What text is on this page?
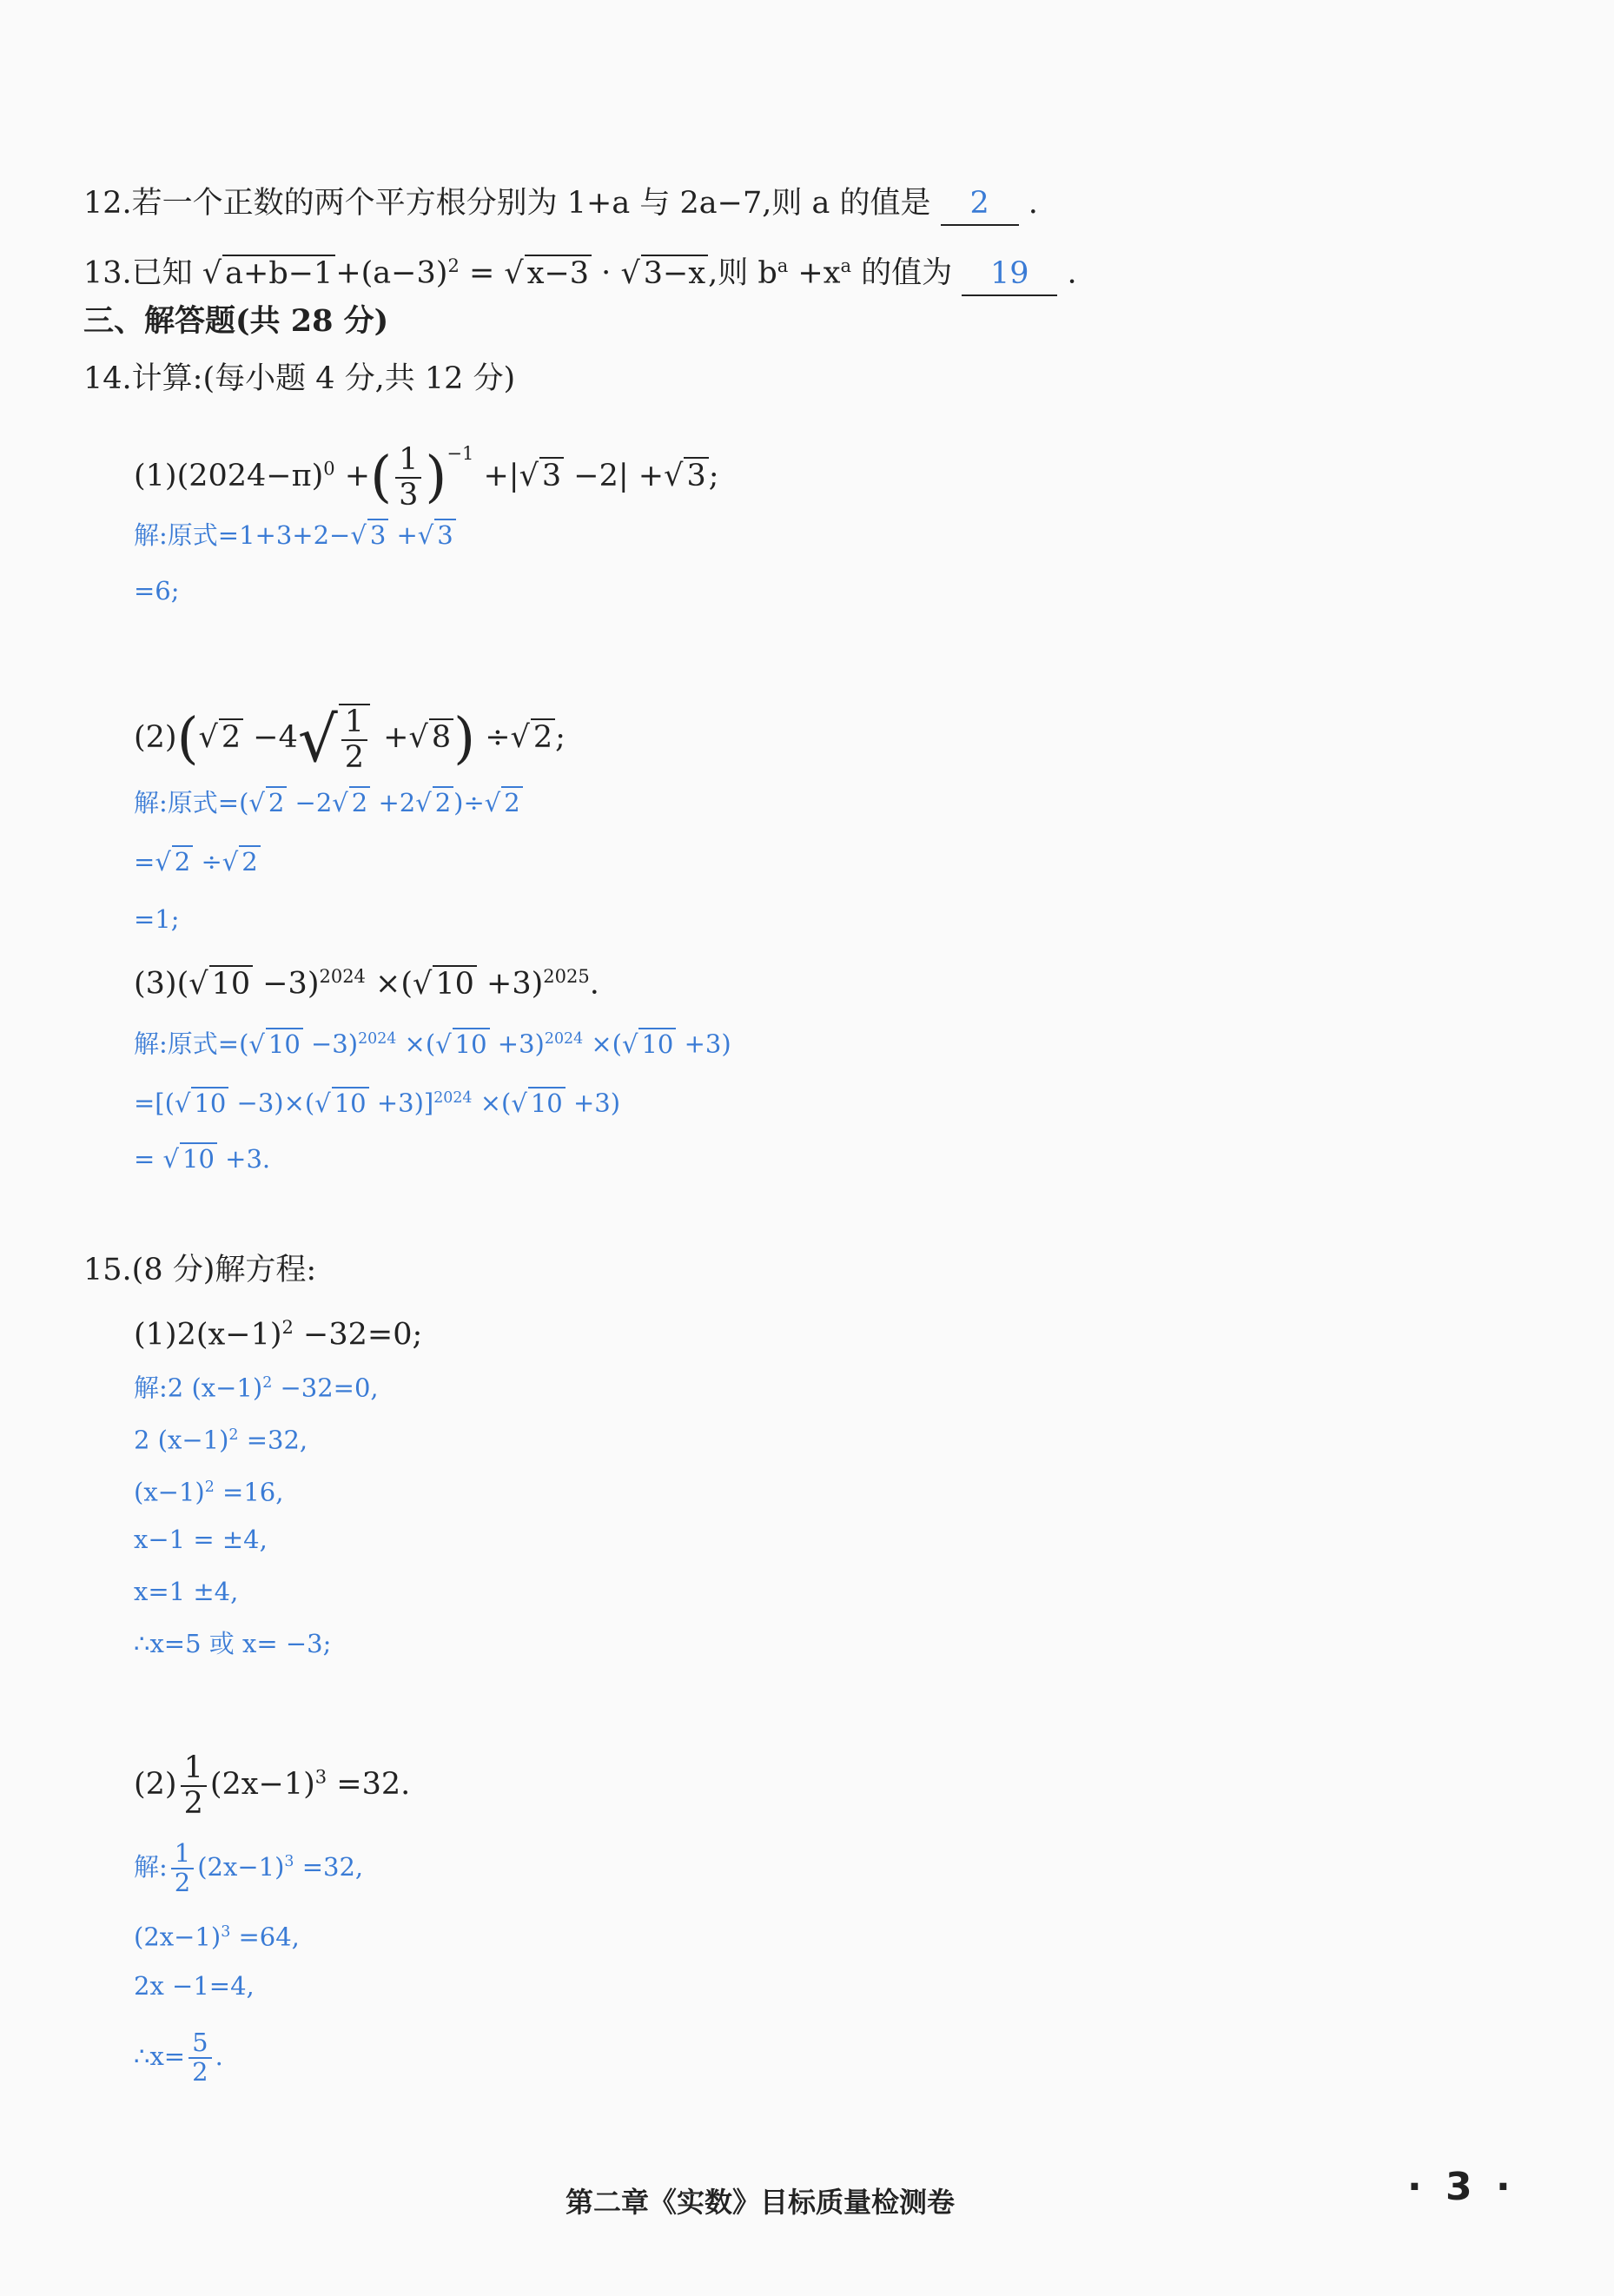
12.若一个正数的两个平方根分别为 1+a 与 2a−7,则 a 的值是 2 .
13.已知 √ $a+b-1+(a-3)^2$ = √ x−3 · √ 3−x,则 $b^a +x^a$ 的值为 19 .
三、解答题(共 28 分)
14.计算:(每小题 4 分,共 12 分)
$(1)(2024-\pi)^0$ +( $\frac{1}{3} )^{-1}$ +|√ 3 −2| +√ 3;
解:原式=1+3+2−√ 3 +√ 3
=6;
(2)(√ $2 -4√ \frac{1}{2}$ +√ 8) ÷√ 2;
解:原式=(√ 2 −2√ 2 +2√ 2 )÷√ 2
=√ 2 ÷√ 2
=1;
(3)(√ 10 −3)$^{2024}$ ×(√ 10 +3)$^{2025}$.
解:原式=(√ 10 −3)$^{2024}$ ×(√ 10 +3)$^{2024}$ ×(√ 10 +3)
=[(√ 10 −3)×(√ 10 +3)]$^{2024}$ ×(√ 10 +3)
= √ 10 +3.
15.(8 分)解方程:
$(1)2(x-1)^2 -32=0$;
解:2 $(x-1)^2 -32=0$,
2 $(x-1)^2 =32$,
$(x-1)^2 =16$,
x−1 = ±4,
x=1 ±4,
∴x=5 或 x= −3;
$(2) \frac{1}{2} (2x-1)^3 =32$.
解: $\frac{1}{2} (2x-1)^3 =32$,
$(2x-1)^3 =64$,
2x −1=4,
∴x= $\frac{5}{2}$ .
第二章《实数》目标质量检测卷	· 3 ·
